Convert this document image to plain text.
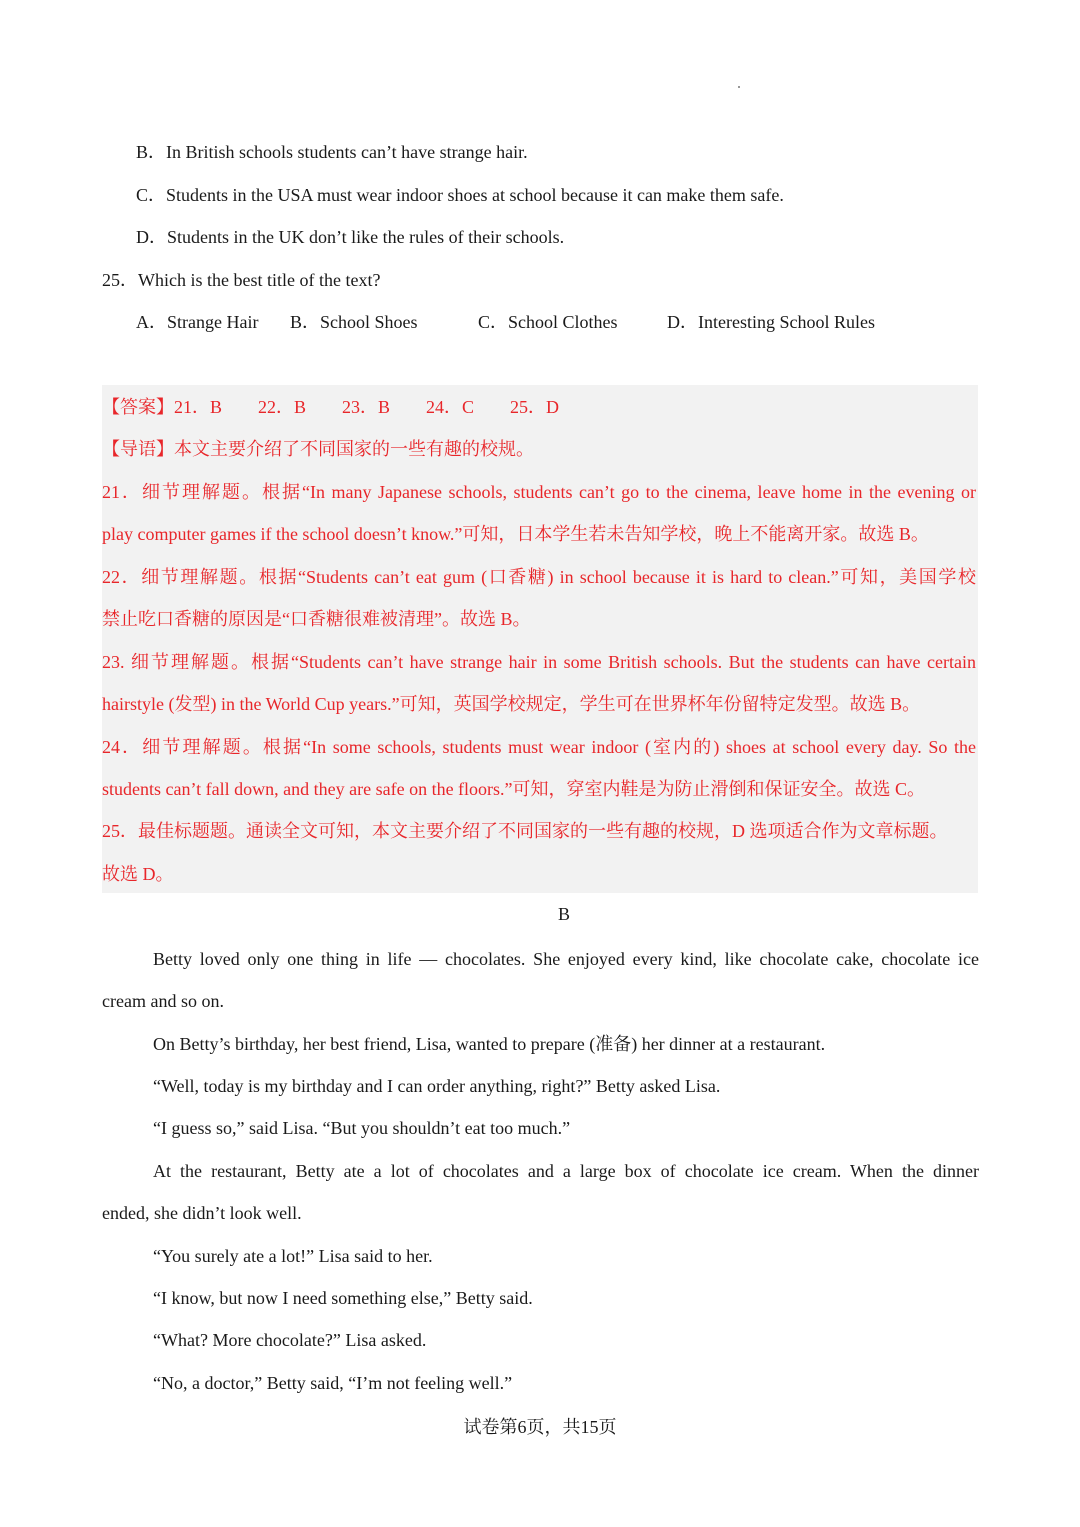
B．In British schools students can’t have strange hair.
C．Students in the USA must wear indoor shoes at school because it can make them safe.
D．Students in the UK don’t like the rules of their schools.
25．Which is the best title of the text?
A．Strange Hair B．School Shoes	C．School Clothes	D．Interesting School Rules
【答案】21．B　　22．B　　23．B　　24．C　　25．D
【导语】本文主要介绍了不同国家的一些有趣的校规。
21．细节理解题。根据“In many Japanese schools, students can’t go to the cinema, leave home in the evening or
play computer games if the school doesn’t know.”可知，日本学生若未告知学校，晚上不能离开家。故选 B。
22．细节理解题。根据“Students can’t eat gum (口香糖) in school because it is hard to clean.”可知，美国学校
禁止吃口香糖的原因是“口香糖很难被清理”。故选 B。
23. 细节理解题。根据“Students can’t have strange hair in some British schools. But the students can have certain
hairstyle (发型) in the World Cup years.”可知，英国学校规定，学生可在世界杯年份留特定发型。故选 B。
24．细节理解题。根据“In some schools, students must wear indoor (室内的) shoes at school every day. So the
students can’t fall down, and they are safe on the floors.”可知，穿室内鞋是为防止滑倒和保证安全。故选 C。
25．最佳标题题。通读全文可知，本文主要介绍了不同国家的一些有趣的校规，D 选项适合作为文章标题。
故选 D。
B
Betty loved only one thing in life — chocolates. She enjoyed every kind, like chocolate cake, chocolate ice
cream and so on.
On Betty’s birthday, her best friend, Lisa, wanted to prepare (准备) her dinner at a restaurant.
“Well, today is my birthday and I can order anything, right?” Betty asked Lisa.
“I guess so,” said Lisa. “But you shouldn’t eat too much.”
At the restaurant, Betty ate a lot of chocolates and a large box of chocolate ice cream. When the dinner
ended, she didn’t look well.
“You surely ate a lot!” Lisa said to her.
“I know, but now I need something else,” Betty said.
“What? More chocolate?” Lisa asked.
“No, a doctor,” Betty said, “I’m not feeling well.”
试卷第6页，共15页
